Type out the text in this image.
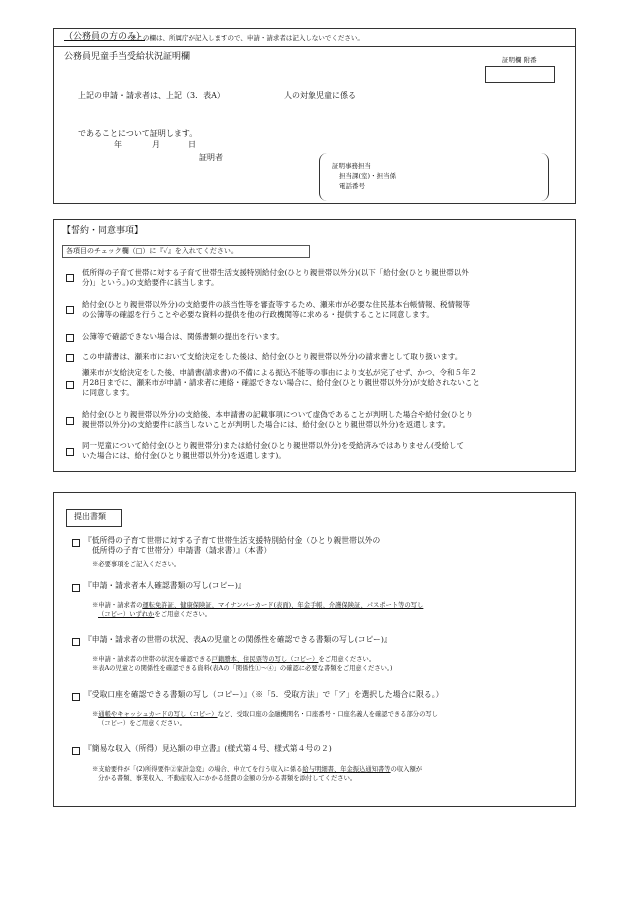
（公務員の方のみ）
※この欄は、所属庁が記入しますので、申請・請求者は記入しないでください。
公務員児童手当受給状況証明欄	証明欄 附番
上記の申請・請求者は、上記（3．表A）	人の対象児童に係る
であることについて証明します。
年	月	日
証明者
証明事務担当
担当課(室)・担当係
電話番号
【誓約・同意事項】
各項目のチェック欄（□）に『✓』を入れてください。
低所得の子育て世帯に対する子育て世帯生活支援特別給付金(ひとり親世帯以外分)(以下「給付金(ひとり親世帯以外
分)」という。)の支給要件に該当します。
給付金(ひとり親世帯以外分)の支給要件の該当性等を審査等するため、瀬来市が必要な住民基本台帳情報、税情報等
の公簿等の確認を行うことや必要な資料の提供を他の行政機関等に求める・提供することに同意します。
公簿等で確認できない場合は、関係書類の提出を行います。
この申請書は、瀬来市において支給決定をした後は、給付金(ひとり親世帯以外分)の請求書として取り扱います。
瀬来市が支給決定をした後、申請書(請求書)の不備による振込不能等の事由により支払が完了せず、かつ、令和５年２
月28日までに、瀬来市が申請・請求者に連絡・確認できない場合に、給付金(ひとり親世帯以外分)が支給されないこと
に同意します。
給付金(ひとり親世帯以外分)の支給後、本申請書の記載事項について虚偽であることが判明した場合や給付金(ひとり
親世帯以外分)の支給要件に該当しないことが判明した場合には、給付金(ひとり親世帯以外分)を返還します。
同一児童について給付金(ひとり親世帯分)または給付金(ひとり親世帯以外分)を受給済みではありません(受給して
いた場合には、給付金(ひとり親世帯以外分)を返還します)。
提出書類
『低所得の子育て世帯に対する子育て世帯生活支援特別給付金（ひとり親世帯以外の
低所得の子育て世帯分）申請書（請求書）』（本書）
※必要事項をご記入ください。
『申請・請求者本人確認書類の写し(コピー)』
※申請・請求者の運転免許証、健康保険証、マイナンバーカード(表面)、年金手帳、介護保険証、パスポート等の写し
（コピー）いずれかをご用意ください。
『申請・請求者の世帯の状況、表Aの児童との関係性を確認できる書類の写し(コピー)』
※申請・請求者の世帯の状況を確認できる戸籍謄本、住民票等の写し（コピー）をご用意ください。
※表Aの児童との関係性を確認できる資料(表Aの「関係性①～④」の確認に必要な書類をご用意ください。)
『受取口座を確認できる書類の写し（コピー）』（※「5．受取方法」で「ア」を選択した場合に限る。）
※通帳やキャッシュカードの写し（コピー）など、受取口座の金融機関名・口座番号・口座名義人を確認できる部分の写し
（コピー）をご用意ください。
『簡易な収入（所得）見込額の申立書』(様式第４号、様式第４号の２)
※支給要件が「(2)所得要件②家計急変」の場合、申立てを行う収入に係る給与明細書、年金振込通知書等の収入額が
分かる書類、事業収入、不動産収入にかかる経費の金額の分かる書類を添付してください。
